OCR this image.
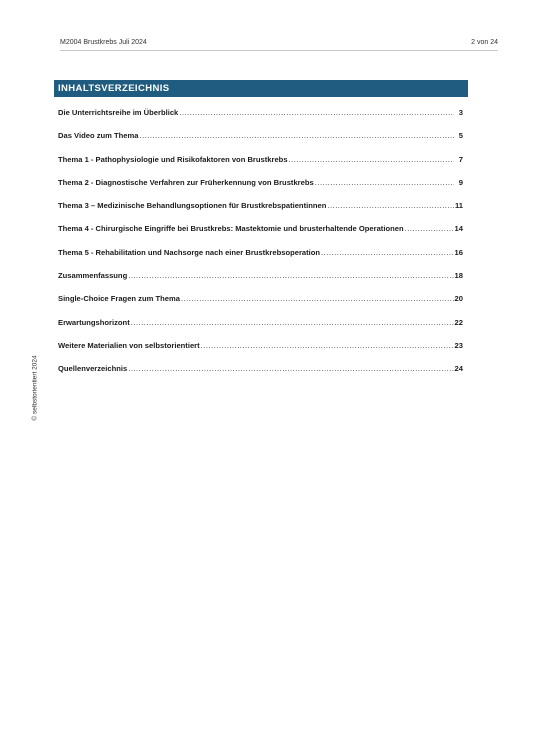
M2004 Brustkrebs Juli 2024	2 von 24
© selbstorientiert 2024
INHALTSVERZEICHNIS
Die Unterrichtsreihe im Überblick .....	3
Das Video zum Thema .....	5
Thema 1 - Pathophysiologie und Risikofaktoren von Brustkrebs .....	7
Thema 2 - Diagnostische Verfahren zur Früherkennung von Brustkrebs .....	9
Thema 3 – Medizinische Behandlungsoptionen für Brustkrebspatientinnen .....	11
Thema 4 - Chirurgische Eingriffe bei Brustkrebs: Mastektomie und brusterhaltende Operationen .....	14
Thema 5 - Rehabilitation und Nachsorge nach einer Brustkrebsoperation .....	16
Zusammenfassung .....	18
Single-Choice Fragen zum Thema .....	20
Erwartungshorizont .....	22
Weitere Materialien von selbstorientiert .....	23
Quellenverzeichnis .....	24
